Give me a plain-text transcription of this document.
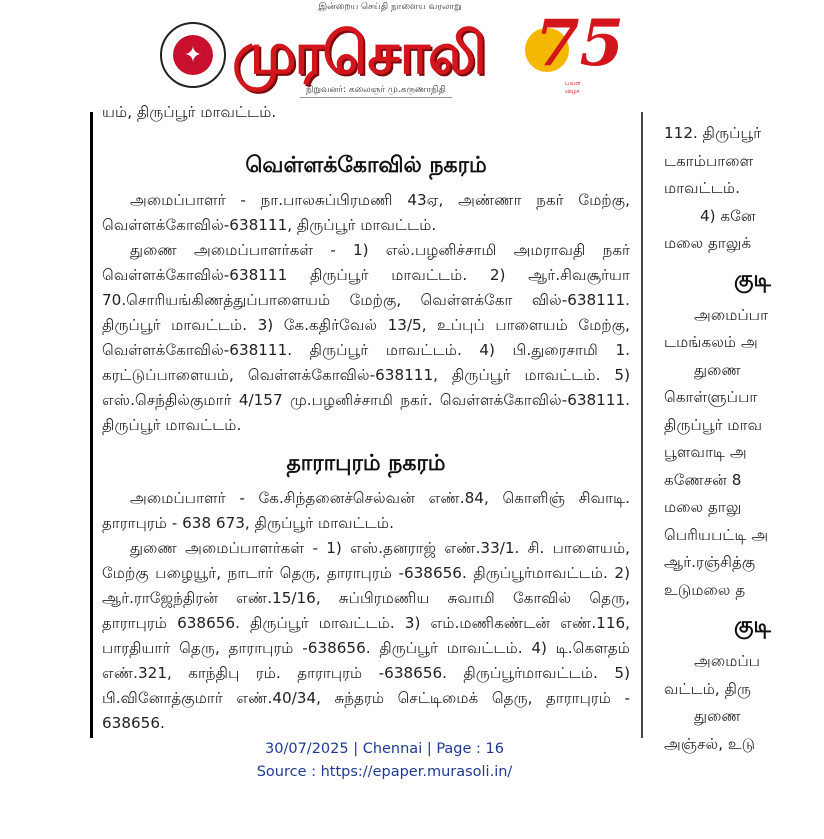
இன்றைய செய்தி நாளைய வரலாறு
✦ முரசொலி
நிறுவனர்: கலைஞர் மு.கருணாநிதி
75
பவள விழா

யம், திருப்பூர் மாவட்டம்.

வெள்ளக்கோவில் நகரம்

அமைப்பாளர் - நா.பாலசுப்பிரமணி 43ஏ, அண்ணா நகர் மேற்கு, வெள்ளக்கோவில்-638111, திருப்பூர் மாவட்டம்.

துணை அமைப்பாளர்கள் - 1) எல்.பழனிச்சாமி அமராவதி நகர் வெள்ளக்கோவில்-638111 திருப்பூர் மாவட்டம். 2) ஆர்.சிவசூர்யா 70.சொரியங்கிணத்துப்பாளையம் மேற்கு, வெள்ளக்கோ வில்-638111. திருப்பூர் மாவட்டம். 3) கே.கதிர்வேல் 13/5, உப்புப் பாளையம் மேற்கு, வெள்ளக்கோவில்-638111. திருப்பூர் மாவட்டம். 4) பி.துரைசாமி 1. கரட்டுப்பாளையம், வெள்ளக்கோவில்-638111, திருப்பூர் மாவட்டம். 5) எஸ்.செந்தில்குமார் 4/157 மு.பழனிச்சாமி நகர். வெள்ளக்கோவில்-638111. திருப்பூர் மாவட்டம்.

தாராபுரம் நகரம்

அமைப்பாளர் - கே.சிந்தனைச்செல்வன் எண்.84, கொளிஞ் சிவாடி. தாராபுரம் - 638 673, திருப்பூர் மாவட்டம்.

துணை அமைப்பாளர்கள் - 1) எஸ்.தனராஜ் எண்.33/1. சி. பாளையம், மேற்கு பழையூர், நாடார் தெரு, தாராபுரம் -638656. திருப்பூர்மாவட்டம். 2) ஆர்.ராஜேந்திரன் எண்.15/16, சுப்பிரமணிய சுவாமி கோவில் தெரு, தாராபுரம் 638656. திருப்பூர் மாவட்டம். 3) எம்.மணிகண்டன் எண்.116, பாரதியார் தெரு, தாராபுரம் -638656. திருப்பூர் மாவட்டம். 4) டி.கௌதம் எண்.321, காந்திபு ரம். தாராபுரம் -638656. திருப்பூர்மாவட்டம். 5) பி.வினோத்குமார் எண்.40/34, சுந்தரம் செட்டிமைக் தெரு, தாராபுரம் - 638656.

112. திருப்பூர்

டகாம்பாளை

மாவட்டம்.

4) கனே

மலை தாலுக்

குடி

அமைப்பா

டமங்கலம் அ

துணை

கொள்ளுப்பா

திருப்பூர் மாவ

பூளவாடி அ

கணேசன் 8

மலை தாலு

பெரியபட்டி அ

ஆர்.ரஞ்சித்கு

உடுமலை த

குடி

அமைப்ப

வட்டம், திரு

துணை

அஞ்சல், உடு

30/07/2025 | Chennai | Page : 16
Source : https://epaper.murasoli.in/
